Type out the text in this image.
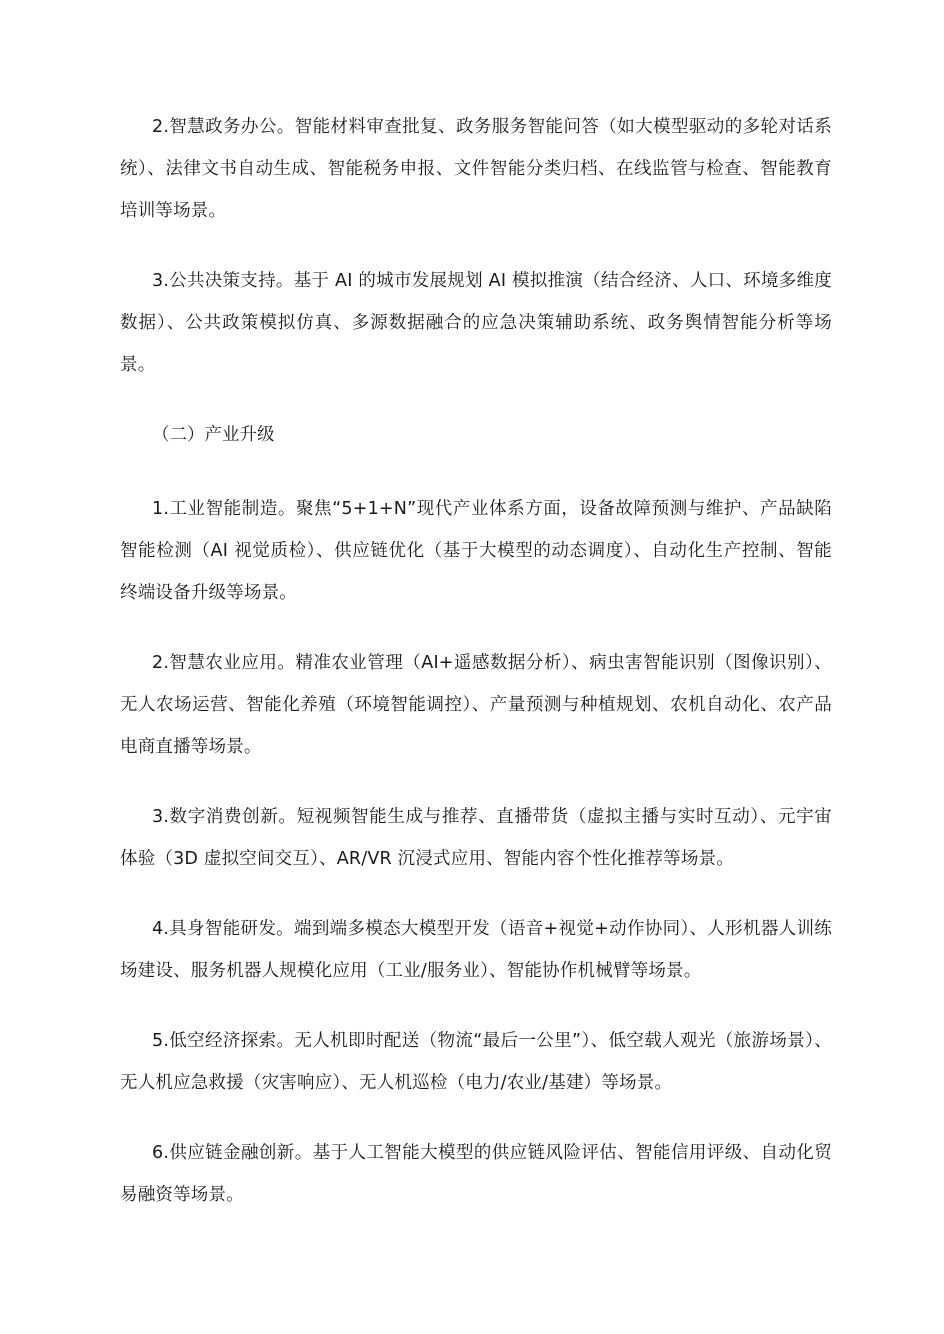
2.智慧政务办公。智能材料审查批复、政务服务智能问答（如大模型驱动的多轮对话系统）、法律文书自动生成、智能税务申报、文件智能分类归档、在线监管与检查、智能教育培训等场景。

3.公共决策支持。基于 AI 的城市发展规划 AI 模拟推演（结合经济、人口、环境多维度数据）、公共政策模拟仿真、多源数据融合的应急决策辅助系统、政务舆情智能分析等场景。

（二）产业升级

1.工业智能制造。聚焦“5+1+N”现代产业体系方面，设备故障预测与维护、产品缺陷智能检测（AI 视觉质检）、供应链优化（基于大模型的动态调度）、自动化生产控制、智能终端设备升级等场景。

2.智慧农业应用。精准农业管理（AI+遥感数据分析）、病虫害智能识别（图像识别）、无人农场运营、智能化养殖（环境智能调控）、产量预测与种植规划、农机自动化、农产品电商直播等场景。

3.数字消费创新。短视频智能生成与推荐、直播带货（虚拟主播与实时互动）、元宇宙体验（3D 虚拟空间交互）、AR/VR 沉浸式应用、智能内容个性化推荐等场景。

4.具身智能研发。端到端多模态大模型开发（语音+视觉+动作协同）、人形机器人训练场建设、服务机器人规模化应用（工业/服务业）、智能协作机械臂等场景。

5.低空经济探索。无人机即时配送（物流“最后一公里”）、低空载人观光（旅游场景）、无人机应急救援（灾害响应）、无人机巡检（电力/农业/基建）等场景。

6.供应链金融创新。基于人工智能大模型的供应链风险评估、智能信用评级、自动化贸易融资等场景。
